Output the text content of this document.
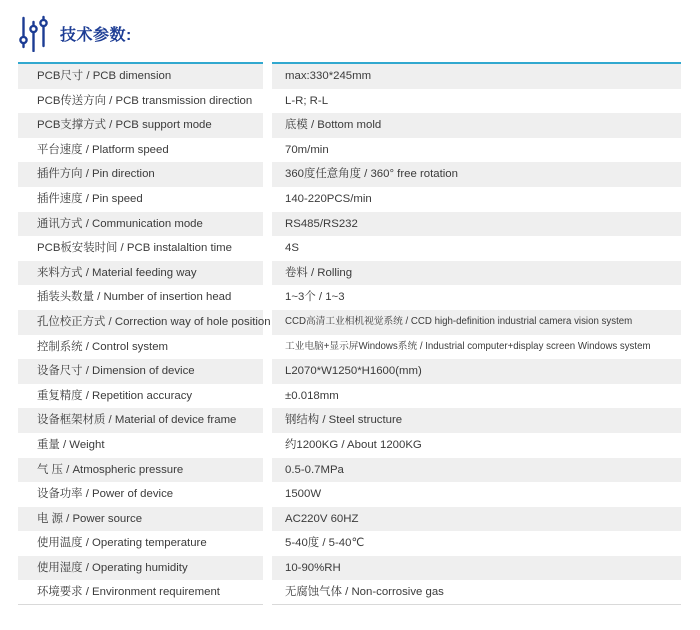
技术参数:
PCB尺寸 / PCB dimension	max:330*245mm
PCB传送方向 / PCB transmission direction	L-R; R-L
PCB支撑方式 / PCB support mode	底模 / Bottom mold
平台速度 / Platform speed	70m/min
插件方向 / Pin direction	360度任意角度 / 360° free rotation
插件速度 / Pin speed	140-220PCS/min
通讯方式 / Communication mode	RS485/RS232
PCB板安装时间 / PCB instalaltion time	4S
来料方式 / Material feeding way	卷料 / Rolling
插装头数量 / Number of insertion head	1~3个 / 1~3
孔位校正方式 / Correction way of hole position	CCD高清工业相机视觉系统 / CCD high-definition industrial camera vision system
控制系统 / Control system	工业电脑+显示屏Windows系统 / Industrial computer+display screen Windows system
设备尺寸 / Dimension of device	L2070*W1250*H1600(mm)
重复精度 / Repetition accuracy	±0.018mm
设备框架材质 / Material of device frame	钢结构 / Steel structure
重量 / Weight	约1200KG / About 1200KG
气 压 / Atmospheric pressure	0.5-0.7MPa
设备功率 / Power of device	1500W
电 源 / Power source	AC220V 60HZ
使用温度 / Operating temperature	5-40度 / 5-40℃
使用湿度 / Operating humidity	10-90%RH
环境要求 / Environment requirement	无腐蚀气体 / Non-corrosive gas
